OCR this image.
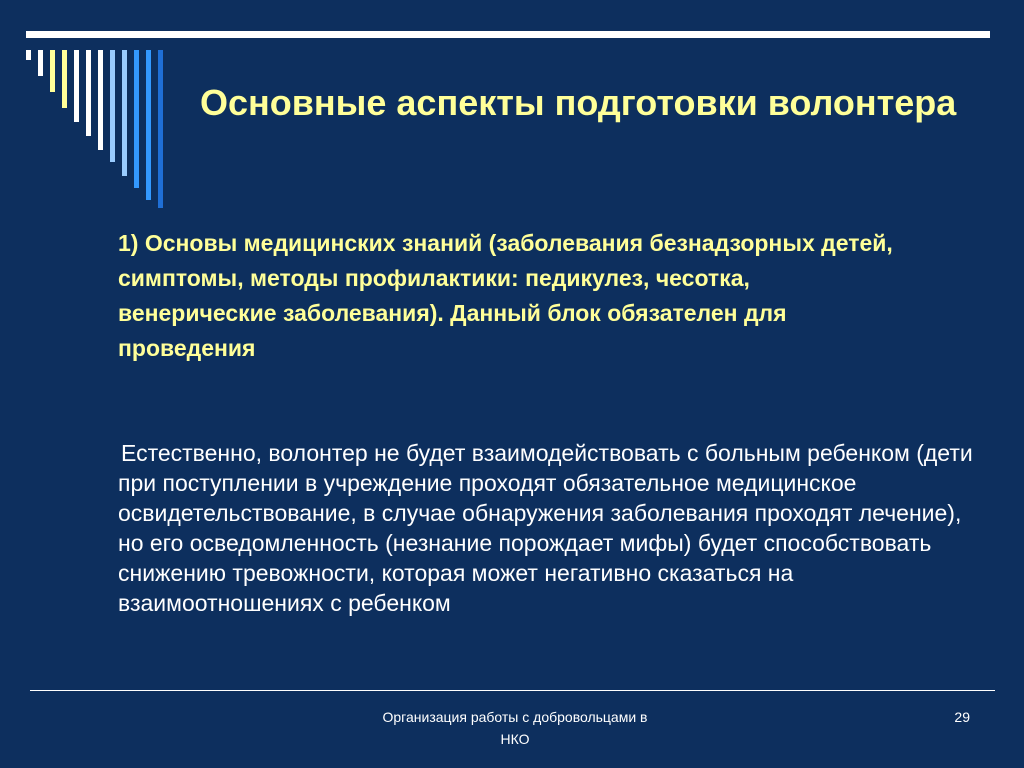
Основные аспекты подготовки волонтера

1) Основы медицинских знаний (заболевания безнадзорных детей, симптомы, методы профилактики: педикулез, чесотка, венерические заболевания). Данный блок обязателен для проведения

Естественно, волонтер не будет взаимодействовать с больным ребенком (дети при поступлении в учреждение проходят обязательное медицинское освидетельствование, в случае обнаружения заболевания проходят лечение), но его осведомленность (незнание порождает мифы) будет способствовать снижению тревожности, которая может негативно сказаться на взаимоотношениях с ребенком

Организация работы с добровольцами в НКО
29
